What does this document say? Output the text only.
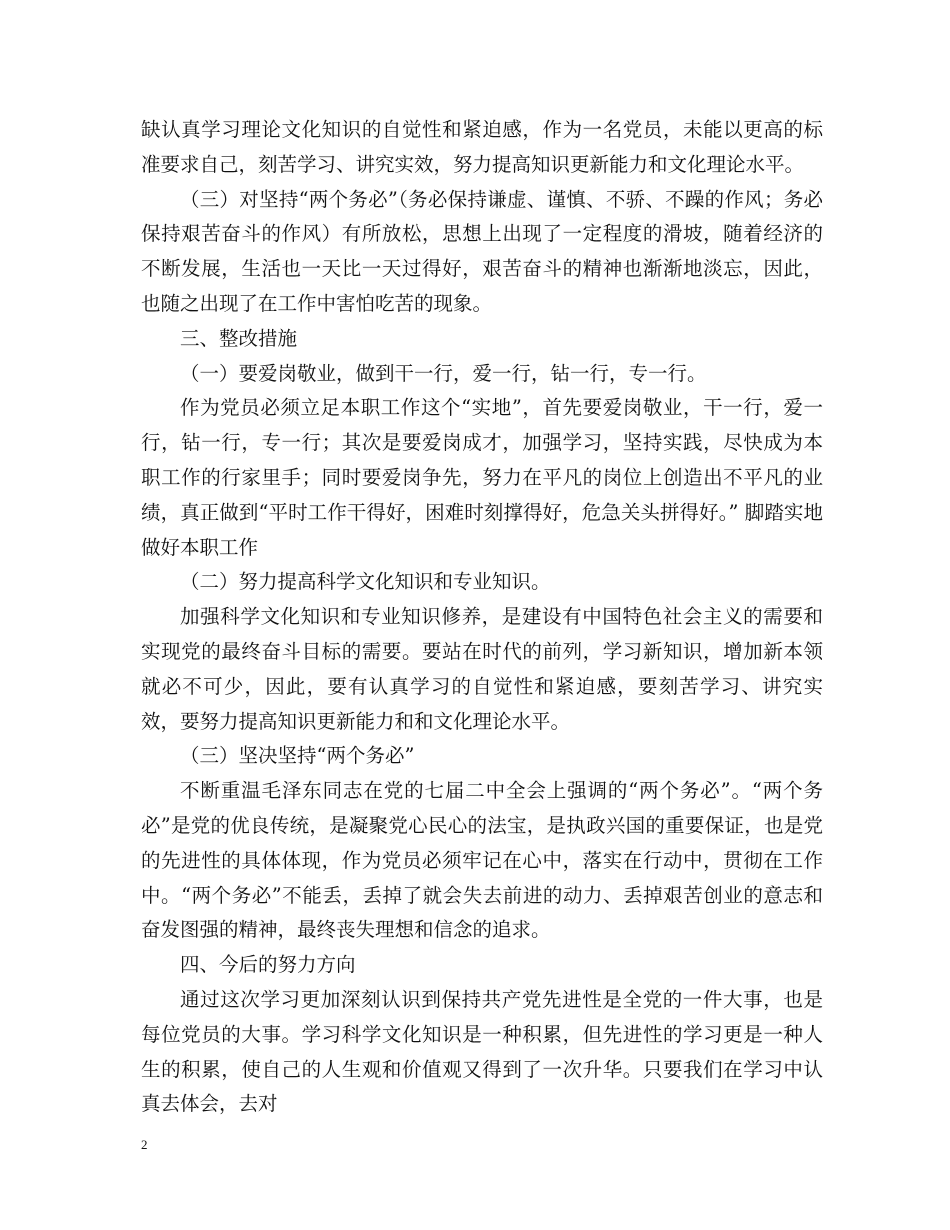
缺认真学习理论文化知识的自觉性和紧迫感，作为一名党员，未能以更高的标准要求自己，刻苦学习、讲究实效，努力提高知识更新能力和文化理论水平。

（三）对坚持“两个务必”（务必保持谦虚、谨慎、不骄、不躁的作风；务必保持艰苦奋斗的作风）有所放松，思想上出现了一定程度的滑坡，随着经济的不断发展，生活也一天比一天过得好，艰苦奋斗的精神也渐渐地淡忘，因此，也随之出现了在工作中害怕吃苦的现象。

三、整改措施

（一）要爱岗敬业，做到干一行，爱一行，钻一行，专一行。

作为党员必须立足本职工作这个“实地”，首先要爱岗敬业，干一行，爱一行，钻一行，专一行；其次是要爱岗成才，加强学习，坚持实践，尽快成为本职工作的行家里手；同时要爱岗争先，努力在平凡的岗位上创造出不平凡的业绩，真正做到“平时工作干得好，困难时刻撑得好，危急关头拼得好。” 脚踏实地做好本职工作

（二）努力提高科学文化知识和专业知识。

加强科学文化知识和专业知识修养，是建设有中国特色社会主义的需要和实现党的最终奋斗目标的需要。要站在时代的前列，学习新知识，增加新本领就必不可少，因此，要有认真学习的自觉性和紧迫感，要刻苦学习、讲究实效，要努力提高知识更新能力和和文化理论水平。

（三）坚决坚持“两个务必”

不断重温毛泽东同志在党的七届二中全会上强调的“两个务必”。“两个务必”是党的优良传统，是凝聚党心民心的法宝，是执政兴国的重要保证，也是党的先进性的具体体现，作为党员必须牢记在心中，落实在行动中，贯彻在工作中。“两个务必”不能丢，丢掉了就会失去前进的动力、丢掉艰苦创业的意志和奋发图强的精神，最终丧失理想和信念的追求。

四、今后的努力方向

通过这次学习更加深刻认识到保持共产党先进性是全党的一件大事，也是每位党员的大事。学习科学文化知识是一种积累，但先进性的学习更是一种人生的积累，使自己的人生观和价值观又得到了一次升华。只要我们在学习中认真去体会，去对

2
